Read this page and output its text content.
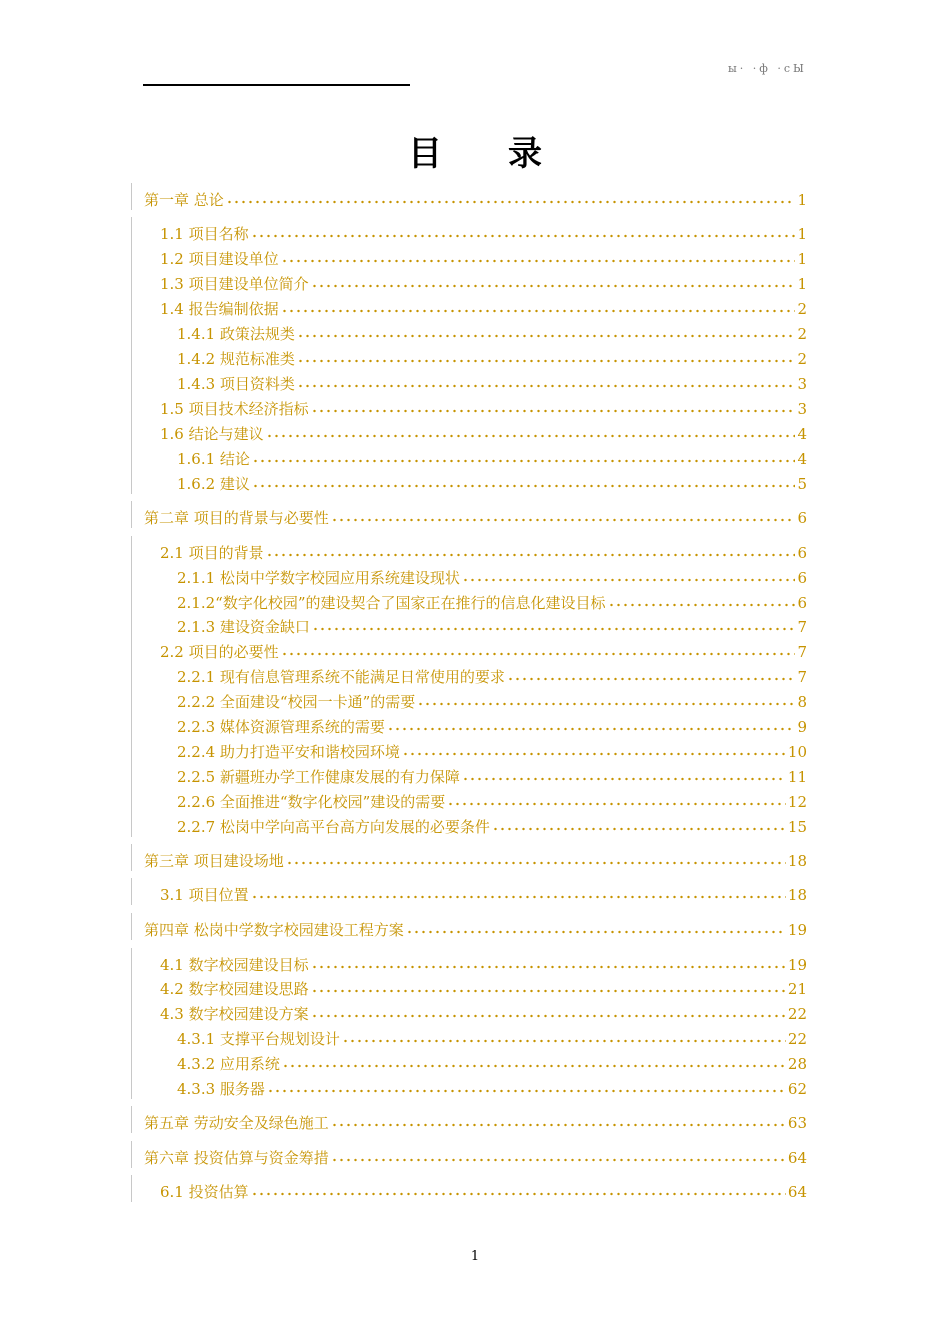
ы· ·ф ·сЫ
目录
第一章 总论	1
1.1 项目名称	1
1.2 项目建设单位	1
1.3 项目建设单位简介	1
1.4 报告编制依据	2
1.4.1 政策法规类	2
1.4.2 规范标准类	2
1.4.3 项目资料类	3
1.5 项目技术经济指标	3
1.6 结论与建议	4
1.6.1 结论	4
1.6.2 建议	5
第二章 项目的背景与必要性	6
2.1 项目的背景	6
2.1.1 松岗中学数字校园应用系统建设现状	6
2.1.2“数字化校园”的建设契合了国家正在推行的信息化建设目标	6
2.1.3 建设资金缺口	7
2.2 项目的必要性	7
2.2.1 现有信息管理系统不能满足日常使用的要求	7
2.2.2 全面建设“校园一卡通”的需要	8
2.2.3 媒体资源管理系统的需要	9
2.2.4 助力打造平安和谐校园环境	10
2.2.5 新疆班办学工作健康发展的有力保障	11
2.2.6 全面推进“数字化校园”建设的需要	12
2.2.7 松岗中学向高平台高方向发展的必要条件	15
第三章 项目建设场地	18
3.1 项目位置	18
第四章 松岗中学数字校园建设工程方案	19
4.1 数字校园建设目标	19
4.2 数字校园建设思路	21
4.3 数字校园建设方案	22
4.3.1 支撑平台规划设计	22
4.3.2 应用系统	28
4.3.3 服务器	62
第五章 劳动安全及绿色施工	63
第六章 投资估算与资金筹措	64
6.1 投资估算	64
1
